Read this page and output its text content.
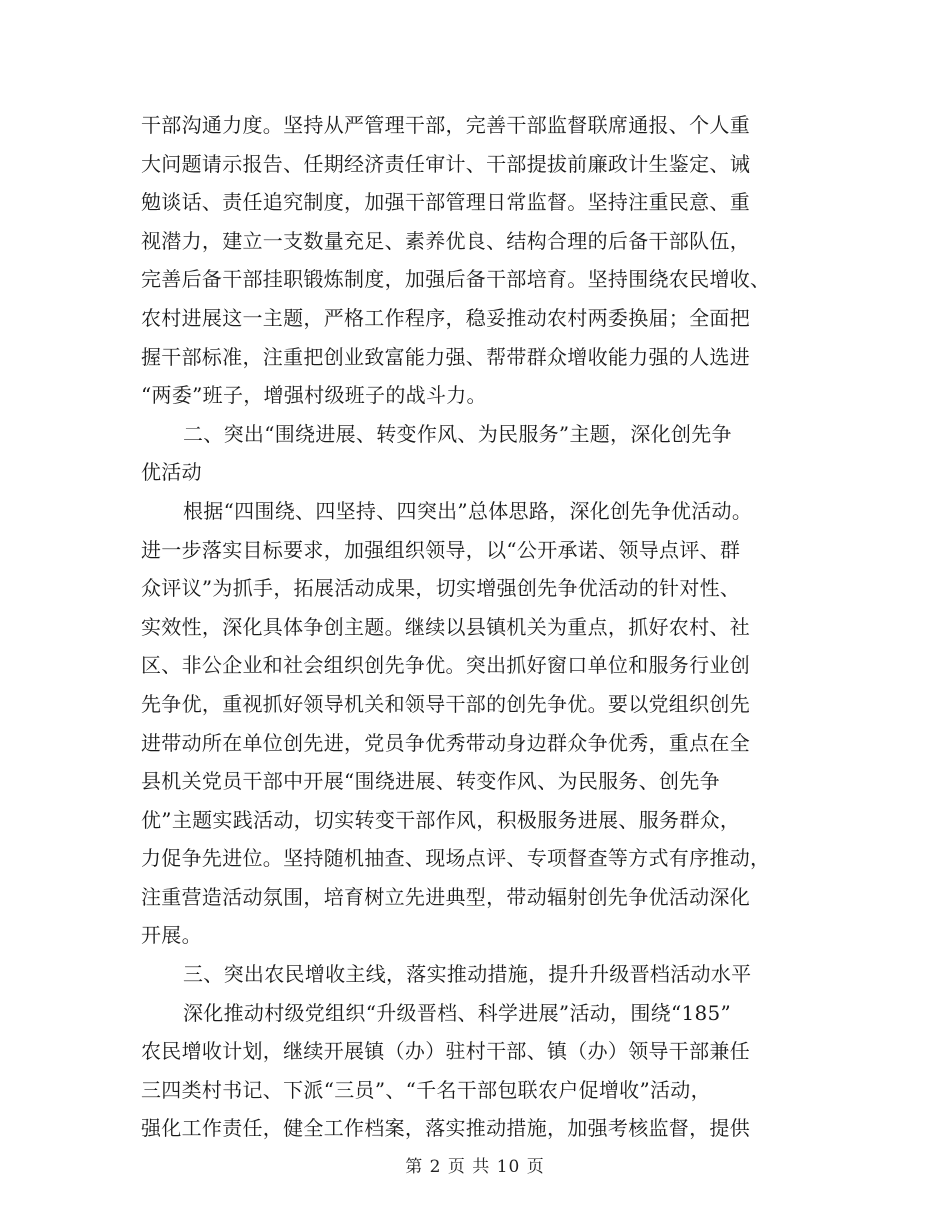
干部沟通力度。坚持从严管理干部，完善干部监督联席通报、个人重
大问题请示报告、任期经济责任审计、干部提拔前廉政计生鉴定、诫
勉谈话、责任追究制度，加强干部管理日常监督。坚持注重民意、重
视潜力，建立一支数量充足、素养优良、结构合理的后备干部队伍，
完善后备干部挂职锻炼制度，加强后备干部培育。坚持围绕农民增收、
农村进展这一主题，严格工作程序，稳妥推动农村两委换届；全面把
握干部标准，注重把创业致富能力强、帮带群众增收能力强的人选进
“两委”班子，增强村级班子的战斗力。
二、突出“围绕进展、转变作风、为民服务”主题，深化创先争
优活动
根据“四围绕、四坚持、四突出”总体思路，深化创先争优活动。
进一步落实目标要求，加强组织领导，以“公开承诺、领导点评、群
众评议”为抓手，拓展活动成果，切实增强创先争优活动的针对性、
实效性，深化具体争创主题。继续以县镇机关为重点，抓好农村、社
区、非公企业和社会组织创先争优。突出抓好窗口单位和服务行业创
先争优，重视抓好领导机关和领导干部的创先争优。要以党组织创先
进带动所在单位创先进，党员争优秀带动身边群众争优秀，重点在全
县机关党员干部中开展“围绕进展、转变作风、为民服务、创先争
优”主题实践活动，切实转变干部作风，积极服务进展、服务群众，
力促争先进位。坚持随机抽查、现场点评、专项督查等方式有序推动，
注重营造活动氛围，培育树立先进典型，带动辐射创先争优活动深化
开展。
三、突出农民增收主线，落实推动措施，提升升级晋档活动水平
深化推动村级党组织“升级晋档、科学进展”活动，围绕“185”
农民增收计划，继续开展镇（办）驻村干部、镇（办）领导干部兼任
三四类村书记、下派“三员”、“千名干部包联农户促增收”活动，
强化工作责任，健全工作档案，落实推动措施，加强考核监督，提供
第 2 页 共 10 页
